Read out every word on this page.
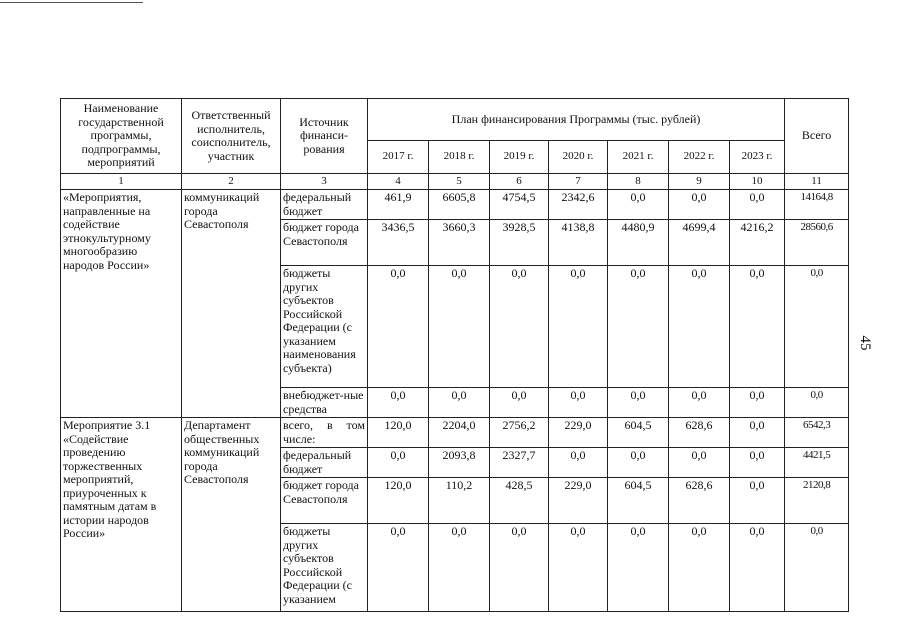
45
Наименование государственной программы, подпрограммы, мероприятий	Ответственный исполнитель, соисполнитель, участник	Источник финанси-рования	План финансирования Программы (тыс. рублей)							Всего
			2017 г.	2018 г.	2019 г.	2020 г.	2021 г.	2022 г.	2023 г.	
1	2	3	4	5	6	7	8	9	10	11
«Мероприятия, направленные на содействие этнокультурному многообразию народов России»	коммуникаций города Севастополя	федеральный бюджет	461,9	6605,8	4754,5	2342,6	0,0	0,0	0,0	14164,8
		бюджет города Севастополя	3436,5	3660,3	3928,5	4138,8	4480,9	4699,4	4216,2	28560,6
		бюджеты других субъектов Российской Федерации (с указанием наименования субъекта)	0,0	0,0	0,0	0,0	0,0	0,0	0,0	0,0
		внебюджет-ные средства	0,0	0,0	0,0	0,0	0,0	0,0	0,0	0,0
Мероприятие 3.1 «Содействие проведению торжественных мероприятий, приуроченных к памятным датам в истории народов России»	Департамент общественных коммуникаций города Севастополя	всего, в том числе:	120,0	2204,0	2756,2	229,0	604,5	628,6	0,0	6542,3
		федеральный бюджет	0,0	2093,8	2327,7	0,0	0,0	0,0	0,0	4421,5
		бюджет города Севастополя	120,0	110,2	428,5	229,0	604,5	628,6	0,0	2120,8
		бюджеты других субъектов Российской Федерации (с указанием	0,0	0,0	0,0	0,0	0,0	0,0	0,0	0,0
